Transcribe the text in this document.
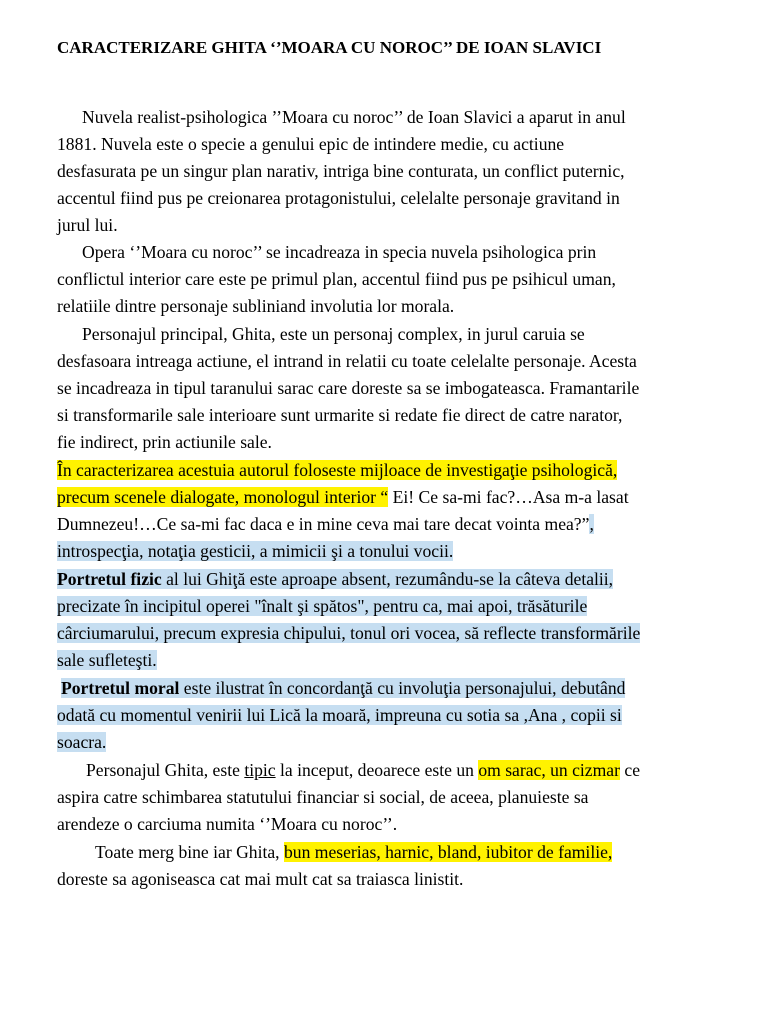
CARACTERIZARE GHITA ‘’MOARA CU NOROC’’ DE IOAN SLAVICI
Nuvela realist-psihologica ’’Moara cu noroc’’ de Ioan Slavici a aparut in anul
1881. Nuvela este o specie a genului epic de intindere medie, cu actiune
desfasurata pe un singur plan narativ, intriga bine conturata, un conflict puternic,
accentul fiind pus pe creionarea protagonistului, celelalte personaje gravitand in
jurul lui.
Opera ‘’Moara cu noroc’’ se incadreaza in specia nuvela psihologica prin
conflictul interior care este pe primul plan, accentul fiind pus pe psihicul uman,
relatiile dintre personaje subliniand involutia lor morala.
Personajul principal, Ghita, este un personaj complex, in jurul caruia se
desfasoara intreaga actiune, el intrand in relatii cu toate celelalte personaje. Acesta
se incadreaza in tipul taranului sarac care doreste sa se imbogateasca. Framantarile
si transformarile sale interioare sunt urmarite si redate fie direct de catre narator,
fie indirect, prin actiunile sale.
În caracterizarea acestuia autorul foloseste mijloace de investigaţie psihologică,
precum scenele dialogate, monologul interior “ Ei! Ce sa-mi fac?…Asa m-a lasat
Dumnezeu!…Ce sa-mi fac daca e in mine ceva mai tare decat vointa mea?”,
introspecţia, notaţia gesticii, a mimicii şi a tonului vocii.
Portretul fizic al lui Ghiţă este aproape absent, rezumându-se la câteva detalii,
precizate în incipitul operei "înalt şi spătos", pentru ca, mai apoi, trăsăturile
cârciumarului, precum expresia chipului, tonul ori vocea, să reflecte transformările
sale sufleteşti.
Portretul moral este ilustrat în concordanţă cu involuţia personajului, debutând
odată cu momentul venirii lui Lică la moară, impreuna cu sotia sa ,Ana , copii si
soacra.
Personajul Ghita, este tipic la inceput, deoarece este un om sarac, un cizmar ce
aspira catre schimbarea statutului financiar si social, de aceea, planuieste sa
arendeze o carciuma numita ‘’Moara cu noroc’’.
Toate merg bine iar Ghita, bun meserias, harnic, bland, iubitor de familie,
doreste sa agoniseasca cat mai mult cat sa traiasca linistit.
